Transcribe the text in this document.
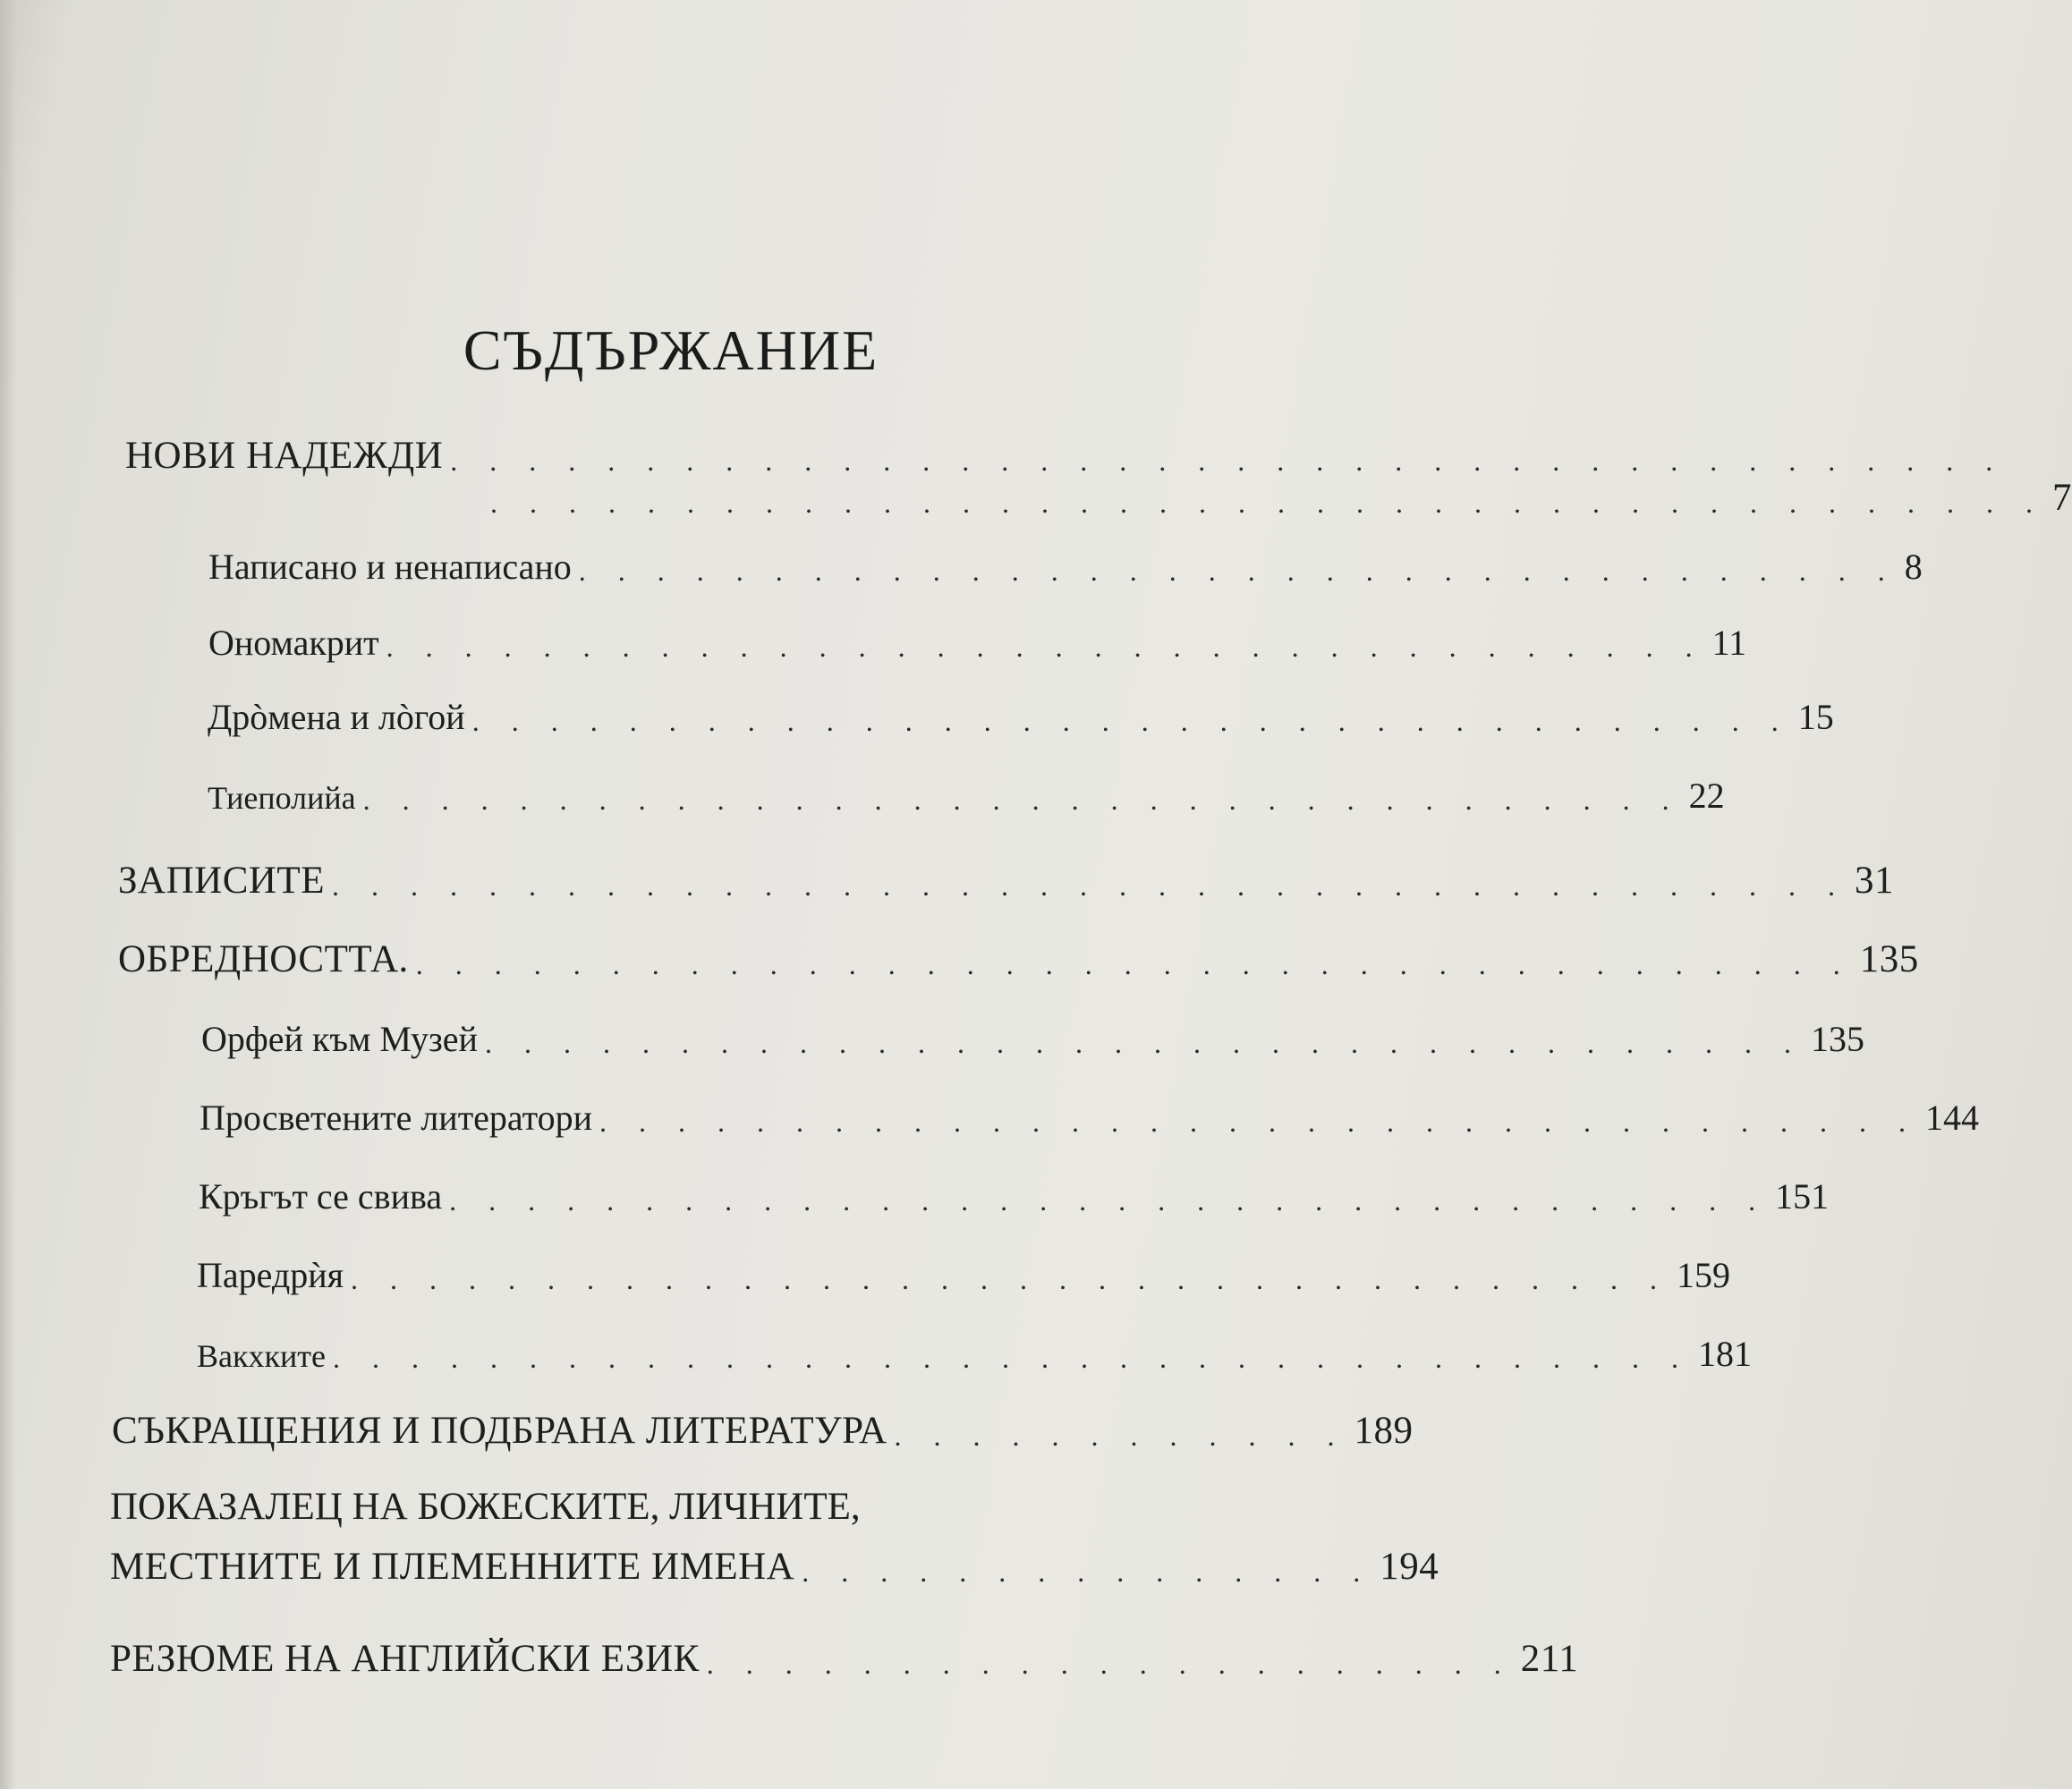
СЪДЪРЖАНИЕ
НОВИ НАДЕЖДИ . . . . . . . . . . . . . . . . . . . . . . . . . . . . . . . . . . . . . . . .
. . . . . . . . . . . . . . . . . . . . . . . . . . . . . . . . . . . . . . . . 7
Написано и ненаписано . . . . . . . . . . . . . . . . . . . . . . . . . . . . . . . . . . 8
Ономакрит . . . . . . . . . . . . . . . . . . . . . . . . . . . . . . . . . . 11
Дрòмена и лòгой . . . . . . . . . . . . . . . . . . . . . . . . . . . . . . . . . . 15
Тиеполийа . . . . . . . . . . . . . . . . . . . . . . . . . . . . . . . . . . 22
ЗАПИСИТЕ . . . . . . . . . . . . . . . . . . . . . . . . . . . . . . . . . . . . . . . 31
ОБРЕДНОСТТА. . . . . . . . . . . . . . . . . . . . . . . . . . . . . . . . . . . . . . 135
Орфей към Музей . . . . . . . . . . . . . . . . . . . . . . . . . . . . . . . . . . 135
Просветените литератори . . . . . . . . . . . . . . . . . . . . . . . . . . . . . . . . . . 144
Кръгът се свива . . . . . . . . . . . . . . . . . . . . . . . . . . . . . . . . . . 151
Паредрѝя . . . . . . . . . . . . . . . . . . . . . . . . . . . . . . . . . . 159
Вакхките . . . . . . . . . . . . . . . . . . . . . . . . . . . . . . . . . . . 181
СЪКРАЩЕНИЯ И ПОДБРАНА ЛИТЕРАТУРА . . . . . . . . . . . . 189
ПОКАЗАЛЕЦ НА БОЖЕСКИТЕ, ЛИЧНИТЕ,
МЕСТНИТЕ И ПЛЕМЕННИТЕ ИМЕНА . . . . . . . . . . . . . . . 194
РЕЗЮМЕ НА АНГЛИЙСКИ ЕЗИК . . . . . . . . . . . . . . . . . . . . . 211
